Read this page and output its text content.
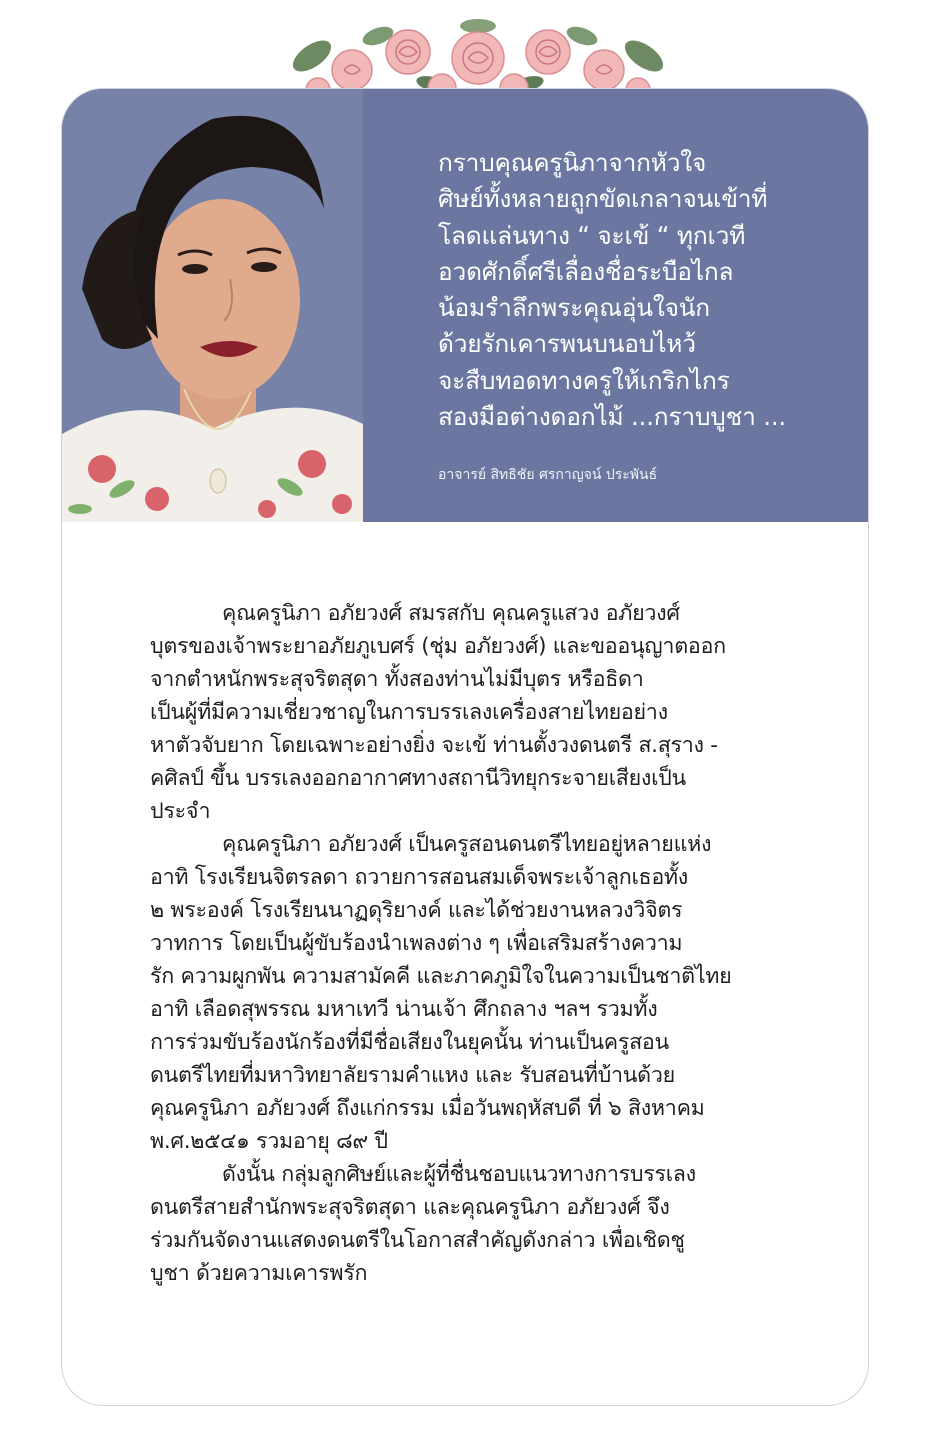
กราบคุณครูนิภาจากหัวใจ
ศิษย์ทั้งหลายถูกขัดเกลาจนเข้าที่
โลดแล่นทาง “ จะเข้ “ ทุกเวที
อวดศักดิ์ศรีเลื่องชื่อระบือไกล
น้อมรำลึกพระคุณอุ่นใจนัก
ด้วยรักเคารพนบนอบไหว้
จะสืบทอดทางครูให้เกริกไกร
สองมือต่างดอกไม้ ...กราบบูชา ...
อาจารย์ สิทธิชัย ศรกาญจน์ ประพันธ์
คุณครูนิภา อภัยวงศ์ สมรสกับ คุณครูแสวง อภัยวงศ์
บุตรของเจ้าพระยาอภัยภูเบศร์ (ชุ่ม อภัยวงศ์) และขออนุญาตออก
จากตำหนักพระสุจริตสุดา ทั้งสองท่านไม่มีบุตร หรือธิดา
เป็นผู้ที่มีความเชี่ยวชาญในการบรรเลงเครื่องสายไทยอย่าง
หาตัวจับยาก โดยเฉพาะอย่างยิ่ง จะเข้ ท่านตั้งวงดนตรี ส.สุราง -
คศิลป์ ขึ้น บรรเลงออกอากาศทางสถานีวิทยุกระจายเสียงเป็น
ประจำ
คุณครูนิภา อภัยวงศ์ เป็นครูสอนดนตรีไทยอยู่หลายแห่ง
อาทิ โรงเรียนจิตรลดา ถวายการสอนสมเด็จพระเจ้าลูกเธอทั้ง
๒ พระองค์ โรงเรียนนาฏดุริยางค์ และได้ช่วยงานหลวงวิจิตร
วาทการ โดยเป็นผู้ขับร้องนำเพลงต่าง ๆ เพื่อเสริมสร้างความ
รัก ความผูกพัน ความสามัคคี และภาคภูมิใจในความเป็นชาติไทย
อาทิ เลือดสุพรรณ มหาเทวี น่านเจ้า ศึกถลาง ฯลฯ รวมทั้ง
การร่วมขับร้องนักร้องที่มีชื่อเสียงในยุคนั้น ท่านเป็นครูสอน
ดนตรีไทยที่มหาวิทยาลัยรามคำแหง และ รับสอนที่บ้านด้วย
คุณครูนิภา อภัยวงศ์ ถึงแก่กรรม เมื่อวันพฤหัสบดี ที่ ๖ สิงหาคม
พ.ศ.๒๕๔๑ รวมอายุ ๘๙ ปี
ดังนั้น กลุ่มลูกศิษย์และผู้ที่ชื่นชอบแนวทางการบรรเลง
ดนตรีสายสำนักพระสุจริตสุดา และคุณครูนิภา อภัยวงศ์ จึง
ร่วมกันจัดงานแสดงดนตรีในโอกาสสำคัญดังกล่าว เพื่อเชิดชู
บูชา ด้วยความเคารพรัก
